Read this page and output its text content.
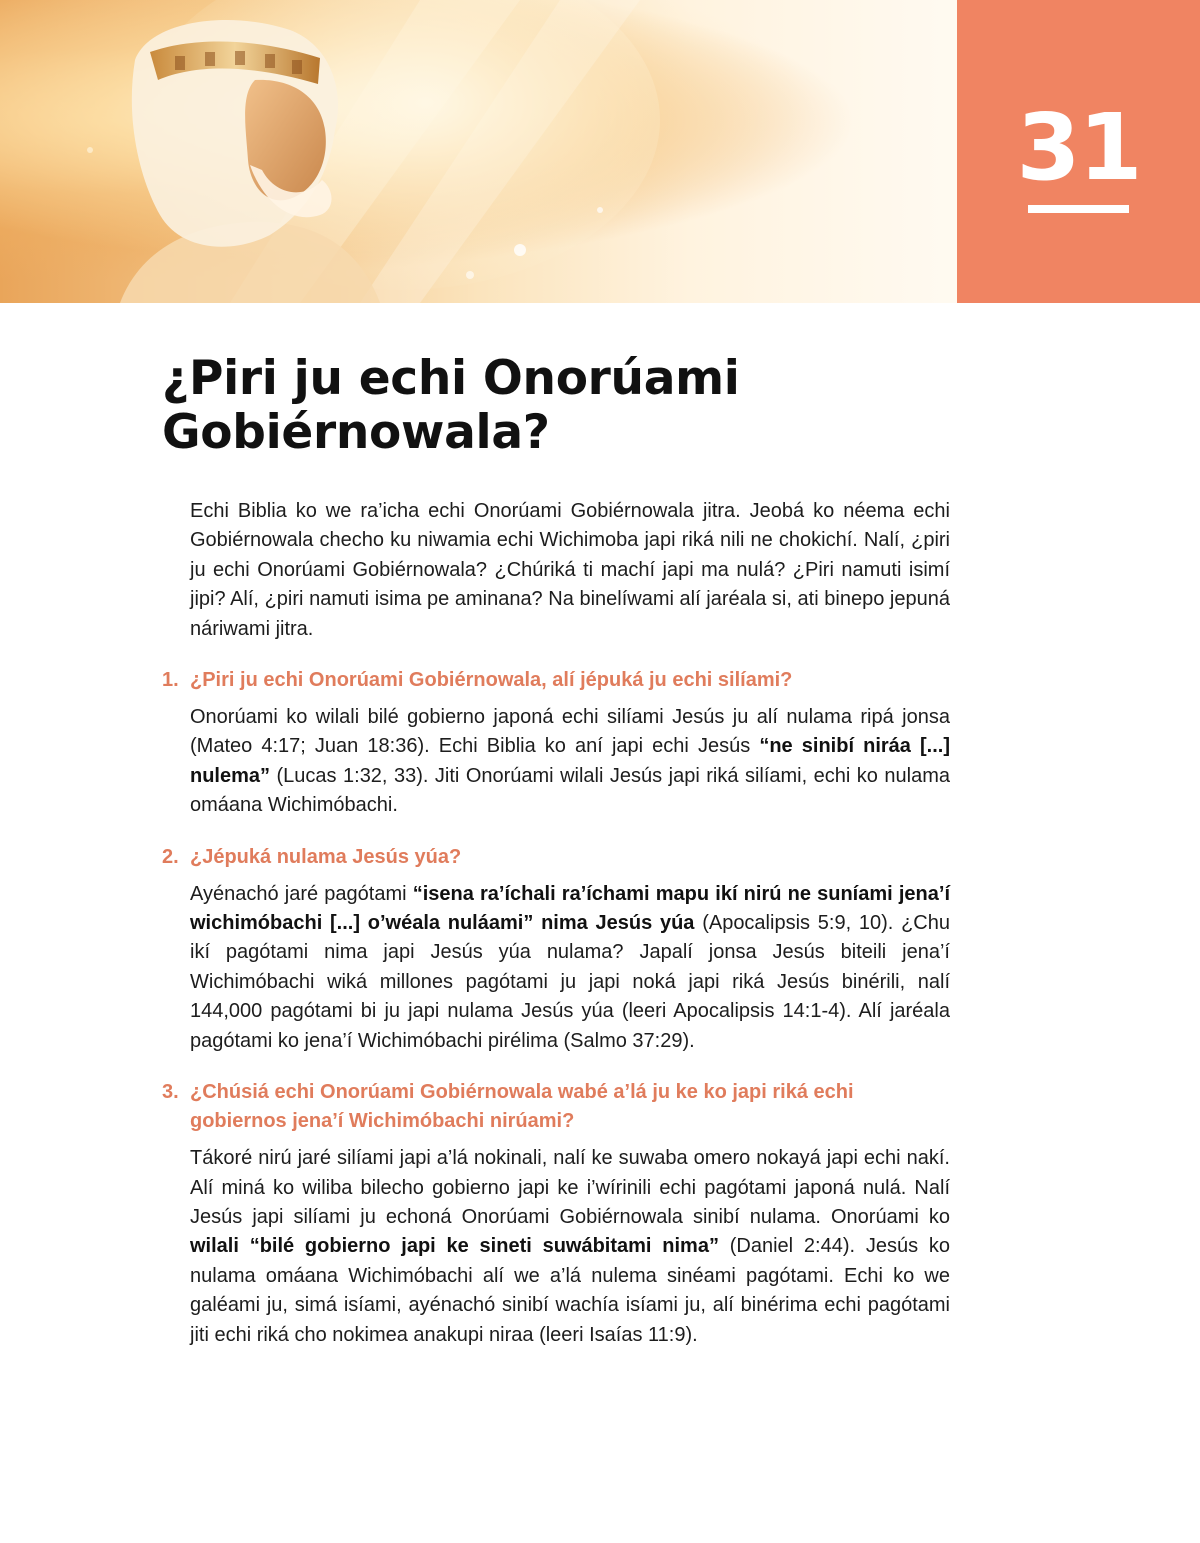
31
¿Piri ju echi Onorúami
Gobiérnowala?

Echi Biblia ko we ra’icha echi Onorúami Gobiérnowala jitra. Jeobá ko néema echi Gobiérnowala checho ku niwamia echi Wichimoba japi riká nili ne chokichí. Nalí, ¿piri ju echi Onorúami Gobiérnowala? ¿Chúriká ti machí japi ma nulá? ¿Piri namuti isimí jipi? Alí, ¿piri namuti isima pe aminana? Na binelíwami alí jaréala si, ati binepo jepuná náriwami jitra.

1. ¿Piri ju echi Onorúami Gobiérnowala, alí jépuká ju echi silíami?

Onorúami ko wilali bilé gobierno japoná echi silíami Jesús ju alí nulama ripá jonsa (Mateo 4:17; Juan 18:36). Echi Biblia ko aní japi echi Jesús “ne sinibí niráa [...] nulema” (Lucas 1:32, 33). Jiti Onorúami wilali Jesús japi riká silíami, echi ko nulama omáana Wichimóbachi.

2. ¿Jépuká nulama Jesús yúa?

Ayénachó jaré pagótami “isena ra’íchali ra’íchami mapu ikí nirú ne suníami jena’í wichimóbachi [...] o’wéala nuláami” nima Jesús yúa (Apocalipsis 5:9, 10). ¿Chu ikí pagótami nima japi Jesús yúa nulama? Japalí jonsa Jesús biteili jena’í Wichimóbachi wiká millones pagótami ju japi noká japi riká Jesús binérili, nalí 144,000 pagótami bi ju japi nulama Jesús yúa (leeri Apocalipsis 14:1-4). Alí jaréala pagótami ko jena’í Wichimóbachi pirélima (Salmo 37:29).

3. ¿Chúsiá echi Onorúami Gobiérnowala wabé a’lá ju ke ko japi riká echi gobiernos jena’í Wichimóbachi nirúami?

Tákoré nirú jaré silíami japi a’lá nokinali, nalí ke suwaba omero nokayá japi echi nakí. Alí miná ko wiliba bilecho gobierno japi ke i’wírinili echi pagótami japoná nulá. Nalí Jesús japi silíami ju echoná Onorúami Gobiérnowala sinibí nulama. Onorúami ko wilali “bilé gobierno japi ke sineti suwábitami nima” (Daniel 2:44). Jesús ko nulama omáana Wichimóbachi alí we a’lá nulema sinéami pagótami. Echi ko we galéami ju, simá isíami, ayénachó sinibí wachía isíami ju, alí binérima echi pagótami jiti echi riká cho nokimea anakupi niraa (leeri Isaías 11:9).
